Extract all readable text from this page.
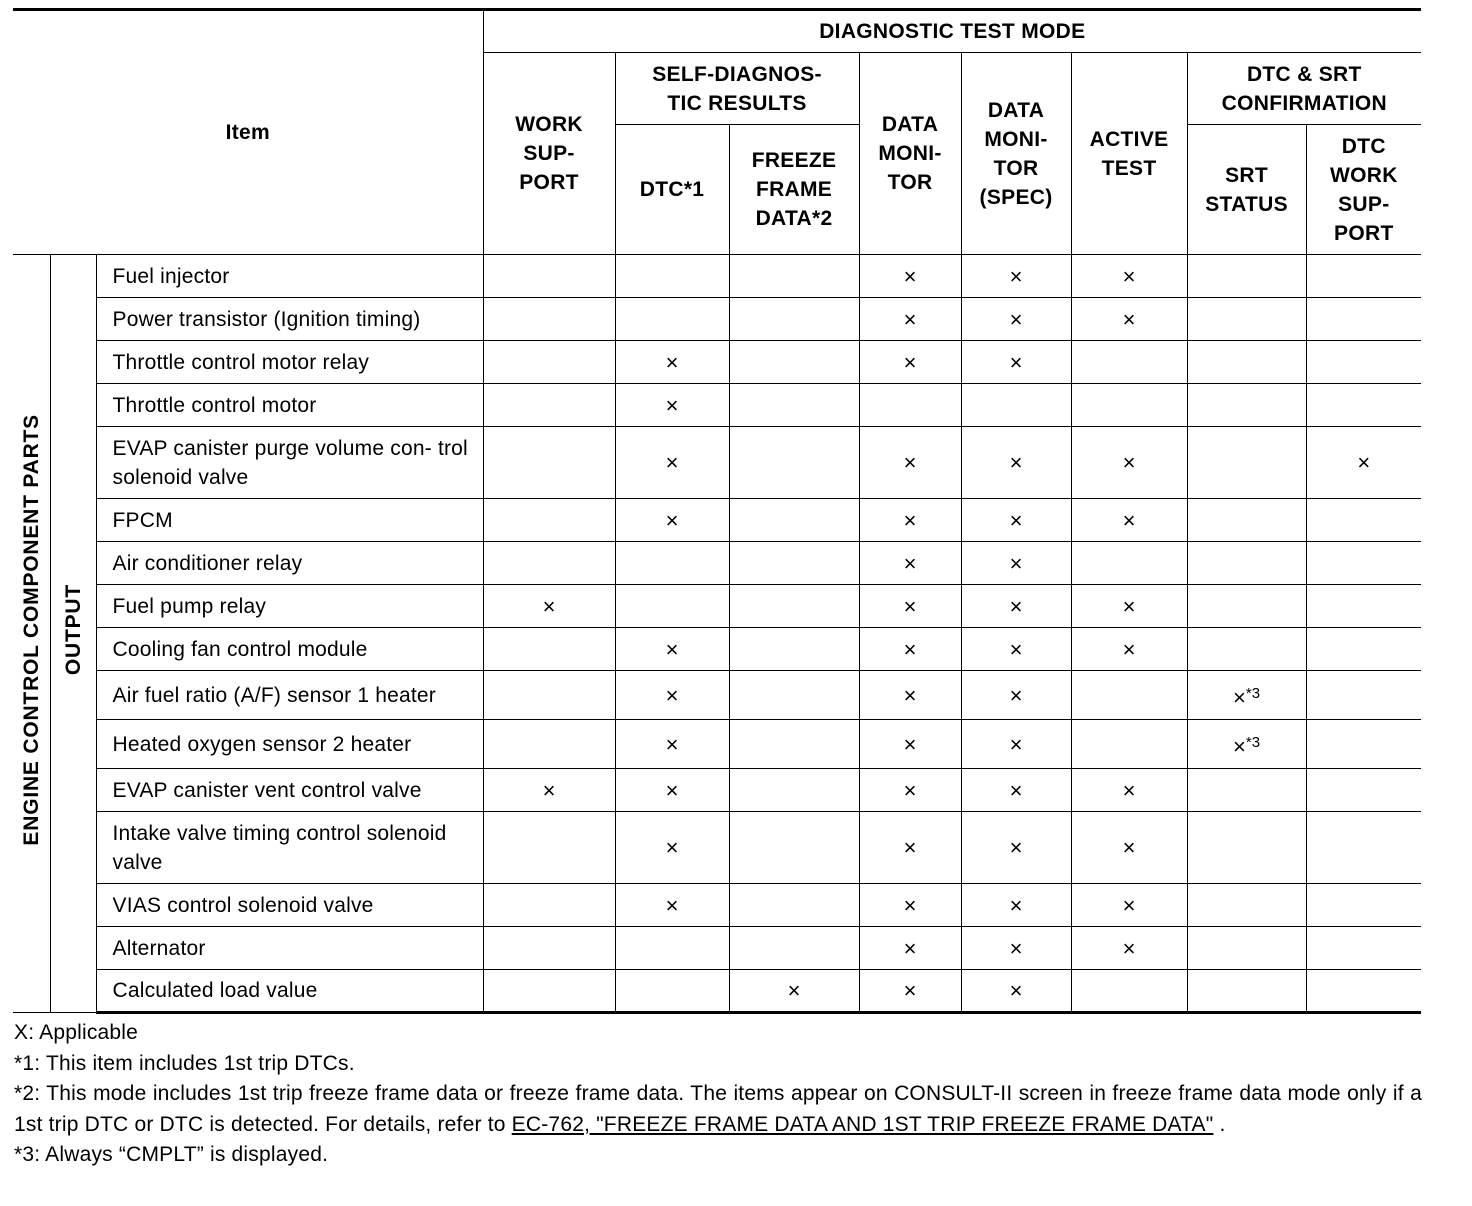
Item			DIAGNOSTIC TEST MODE							

			WORK SUP- PORT	SELF-DIAGNOS- TIC RESULTS		DATA MONI- TOR	DATA MONI- TOR (SPEC)	ACTIVE TEST	DTC & SRT CONFIRMATION	

				DTC*1	FREEZE FRAME DATA*2				SRT STATUS	DTC WORK SUP- PORT

ENGINE CONTROL COMPONENT PARTS	OUTPUT	Fuel injector				×	×	×		
		Power transistor (Ignition timing)				×	×	×		
		Throttle control motor relay		×		×	×			
		Throttle control motor		×						
		EVAP canister purge volume con- trol solenoid valve		×		×	×	×		×
		FPCM		×		×	×	×		
		Air conditioner relay				×	×			
		Fuel pump relay	×			×	×	×		
		Cooling fan control module		×		×	×	×		
		Air fuel ratio (A/F) sensor 1 heater		×		×	×		×$^{*3}$	
		Heated oxygen sensor 2 heater		×		×	×		×$^{*3}$	
		EVAP canister vent control valve	×	×		×	×	×		
		Intake valve timing control solenoid valve		×		×	×	×		
		VIAS control solenoid valve		×		×	×	×		
		Alternator				×	×	×		
		Calculated load value			×	×	×			

X: Applicable

*1: This item includes 1st trip DTCs.

*2: This mode includes 1st trip freeze frame data or freeze frame data. The items appear on CONSULT-II screen in freeze frame data mode only if a 1st trip DTC or DTC is detected. For details, refer to EC-762, "FREEZE FRAME DATA AND 1ST TRIP FREEZE FRAME DATA" .

*3: Always “CMPLT” is displayed.
